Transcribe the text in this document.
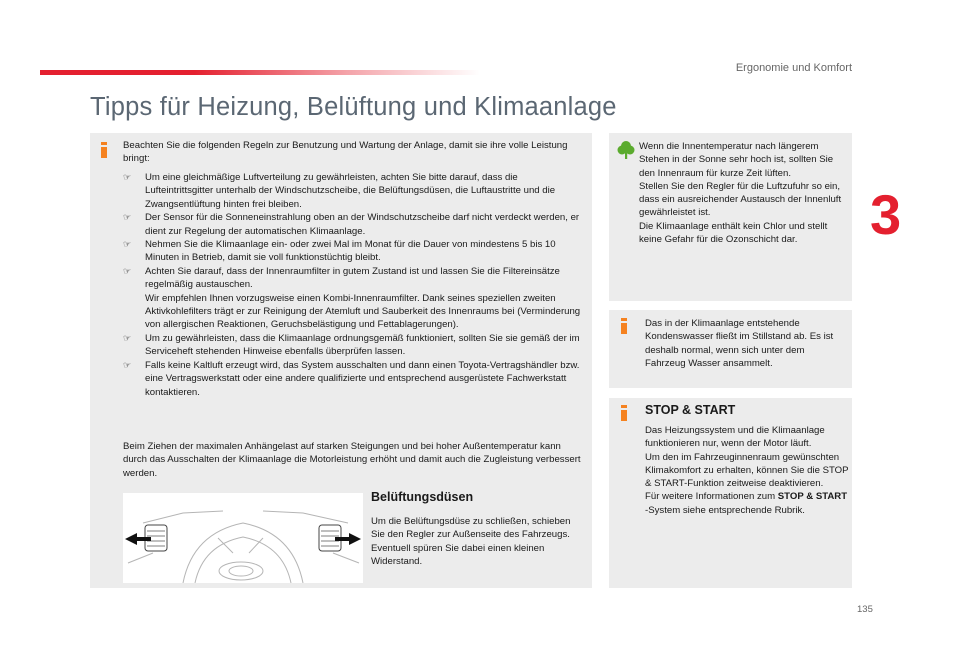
Ergonomie und Komfort
Tipps für Heizung, Belüftung und Klimaanlage
3
135

Beachten Sie die folgenden Regeln zur Benutzung und Wartung der Anlage, damit sie ihre volle Leistung bringt:

☞ Um eine gleichmäßige Luftverteilung zu gewährleisten, achten Sie bitte darauf, dass die Lufteintrittsgitter unterhalb der Windschutzscheibe, die Belüftungsdüsen, die Luftaustritte und die Zwangsentlüftung hinten frei bleiben.

☞ Der Sensor für die Sonneneinstrahlung oben an der Windschutzscheibe darf nicht verdeckt werden, er dient zur Regelung der automatischen Klimaanlage.

☞ Nehmen Sie die Klimaanlage ein- oder zwei Mal im Monat für die Dauer von mindestens 5 bis 10 Minuten in Betrieb, damit sie voll funktionstüchtig bleibt.

☞ Achten Sie darauf, dass der Innenraumfilter in gutem Zustand ist und lassen Sie die Filtereinsätze regelmäßig austauschen.

Wir empfehlen Ihnen vorzugsweise einen Kombi-Innenraumfilter. Dank seines speziellen zweiten Aktivkohlefilters trägt er zur Reinigung der Atemluft und Sauberkeit des Innenraums bei (Verminderung von allergischen Reaktionen, Geruchsbelästigung und Fettablagerungen).

☞ Um zu gewährleisten, dass die Klimaanlage ordnungsgemäß funktioniert, sollten Sie sie gemäß der im Serviceheft stehenden Hinweise ebenfalls überprüfen lassen.

☞ Falls keine Kaltluft erzeugt wird, das System ausschalten und dann einen Toyota-Vertragshändler bzw. eine Vertragswerkstatt oder eine andere qualifizierte und entsprechend ausgerüstete Fachwerkstatt kontaktieren.

Beim Ziehen der maximalen Anhängelast auf starken Steigungen und bei hoher Außentemperatur kann durch das Ausschalten der Klimaanlage die Motorleistung erhöht und damit auch die Zugleistung verbessert werden.

Belüftungsdüsen

Um die Belüftungsdüse zu schließen, schieben Sie den Regler zur Außenseite des Fahrzeugs. Eventuell spüren Sie dabei einen kleinen Widerstand.

Wenn die Innentemperatur nach längerem Stehen in der Sonne sehr hoch ist, sollten Sie den Innenraum für kurze Zeit lüften.
Stellen Sie den Regler für die Luftzufuhr so ein, dass ein ausreichender Austausch der Innenluft gewährleistet ist.
Die Klimaanlage enthält kein Chlor und stellt keine Gefahr für die Ozonschicht dar.

Das in der Klimaanlage entstehende Kondenswasser fließt im Stillstand ab. Es ist deshalb normal, wenn sich unter dem Fahrzeug Wasser ansammelt.

STOP & START

Das Heizungssystem und die Klimaanlage funktionieren nur, wenn der Motor läuft.
Um den im Fahrzeuginnenraum gewünschten Klimakomfort zu erhalten, können Sie die STOP & START-Funktion zeitweise deaktivieren.
Für weitere Informationen zum STOP & START -System siehe entsprechende Rubrik.
